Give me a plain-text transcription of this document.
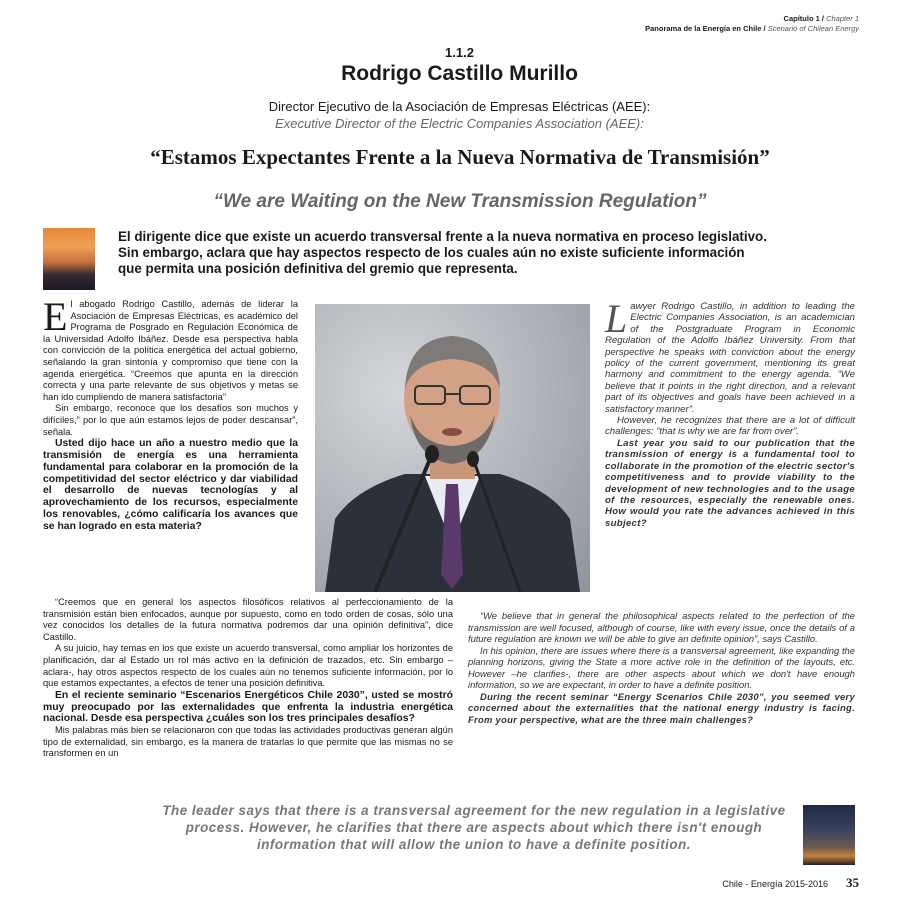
Capítulo 1 / Chapter 1
Panorama de la Energía en Chile / Scenario of Chilean Energy
1.1.2
Rodrigo Castillo Murillo
Director Ejecutivo de la Asociación de Empresas Eléctricas (AEE):
Executive Director of the Electric Companies Association (AEE):
“Estamos Expectantes Frente a la Nueva Normativa de Transmisión”
“We are Waiting on the New Transmission Regulation”
El dirigente dice que existe un acuerdo transversal frente a la nueva normativa en proceso legislativo. Sin embargo, aclara que hay aspectos respecto de los cuales aún no existe suficiente información que permita una posición definitiva del gremio que representa.

El abogado Rodrigo Castillo, además de liderar la Asociación de Empresas Eléctricas, es académico del Programa de Posgrado en Regulación Económica de la Universidad Adolfo Ibáñez. Desde esa perspectiva habla con convicción de la política energética del actual gobierno, señalando la gran sintonía y compromiso que tiene con la agenda energética. “Creemos que apunta en la dirección correcta y una parte relevante de sus objetivos y metas se han ido cumpliendo de manera satisfactoria”

Sin embargo, reconoce que los desafíos son muchos y difíciles,” por lo que aún estamos lejos de poder descansar”, señala.

Usted dijo hace un año a nuestro medio que la transmisión de energía es una herramienta fundamental para colaborar en la promoción de la competitividad del sector eléctrico y dar viabilidad el desarrollo de nuevas tecnologías y al aprovechamiento de los recursos, especialmente los renovables, ¿cómo calificaría los avances que se han logrado en esta materia?

“Creemos que en general los aspectos filosóficos relativos al perfeccionamiento de la transmisión están bien enfocados, aunque por supuesto, como en todo orden de cosas, sólo una vez conocidos los detalles de la futura normativa podremos dar una opinión definitiva”, dice Castillo.

A su juicio, hay temas en los que existe un acuerdo transversal, como ampliar los horizontes de planificación, dar al Estado un rol más activo en la definición de trazados, etc. Sin embargo –aclara-, hay otros aspectos respecto de los cuales aún no tenemos suficiente información, por lo que estamos expectantes, a efectos de tener una posición definitiva.

En el reciente seminario “Escenarios Energéticos Chile 2030”, usted se mostró muy preocupado por las externalidades que enfrenta la industria energética nacional. Desde esa perspectiva ¿cuáles son los tres principales desafíos?

Mis palabras más bien se relacionaron con que todas las actividades productivas generan algún tipo de externalidad, sin embargo, es la manera de tratarlas lo que permite que las mismas no se transformen en un

Lawyer Rodrigo Castillo, in addition to leading the Electric Companies Association, is an academician of the Postgraduate Program in Economic Regulation of the Adolfo Ibáñez University. From that perspective he speaks with conviction about the energy policy of the current government, mentioning its great harmony and commitment to the energy agenda. “We believe that it points in the right direction, and a relevant part of its objectives and goals have been achieved in a satisfactory manner”.

However, he recognizes that there are a lot of difficult challenges: “that is why we are far from over”.

Last year you said to our publication that the transmission of energy is a fundamental tool to collaborate in the promotion of the electric sector's competitiveness and to provide viability to the development of new technologies and to the usage of the resources, especially the renewable ones. How would you rate the advances achieved in this subject?

“We believe that in general the philosophical aspects related to the perfection of the transmission are well focused, although of course, like with every issue, once the details of a future regulation are known we will be able to give an definite opinion”, says Castillo.

In his opinion, there are issues where there is a transversal agreement, like expanding the planning horizons, giving the State a more active role in the definition of the layouts, etc. However –he clarifies-, there are other aspects about which we don't have enough information, so we are expectant, in order to have a definite position.

During the recent seminar “Energy Scenarios Chile 2030”, you seemed very concerned about the externalities that the national energy industry is facing. From your perspective, what are the three main challenges?

The leader says that there is a transversal agreement for the new regulation in a legislative process. However, he clarifies that there are aspects about which there isn't enough information that will allow the union to have a definite position.
Chile - Energía 2015-2016 35
